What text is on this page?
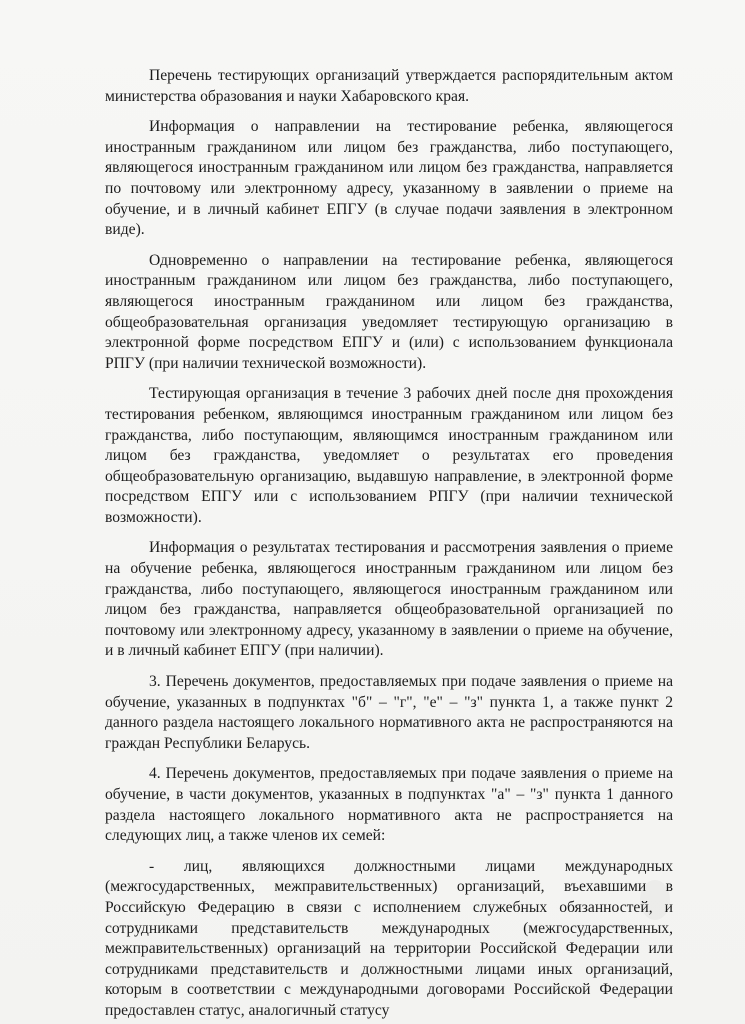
Перечень тестирующих организаций утверждается распорядительным актом министерства образования и науки Хабаровского края.

Информация о направлении на тестирование ребенка, являющегося иностранным гражданином или лицом без гражданства, либо поступающего, являющегося иностранным гражданином или лицом без гражданства, направляется по почтовому или электронному адресу, указанному в заявлении о приеме на обучение, и в личный кабинет ЕПГУ (в случае подачи заявления в электронном виде).

Одновременно о направлении на тестирование ребенка, являющегося иностранным гражданином или лицом без гражданства, либо поступающего, являющегося иностранным гражданином или лицом без гражданства, общеобразовательная организация уведомляет тестирующую организацию в электронной форме посредством ЕПГУ и (или) с использованием функционала РПГУ (при наличии технической возможности).

Тестирующая организация в течение 3 рабочих дней после дня прохождения тестирования ребенком, являющимся иностранным гражданином или лицом без гражданства, либо поступающим, являющимся иностранным гражданином или лицом без гражданства, уведомляет о результатах его проведения общеобразовательную организацию, выдавшую направление, в электронной форме посредством ЕПГУ или с использованием РПГУ (при наличии технической возможности).

Информация о результатах тестирования и рассмотрения заявления о приеме на обучение ребенка, являющегося иностранным гражданином или лицом без гражданства, либо поступающего, являющегося иностранным гражданином или лицом без гражданства, направляется общеобразовательной организацией по почтовому или электронному адресу, указанному в заявлении о приеме на обучение, и в личный кабинет ЕПГУ (при наличии).

3. Перечень документов, предоставляемых при подаче заявления о приеме на обучение, указанных в подпунктах "б" – "г", "е" – "з" пункта 1, а также пункт 2 данного раздела настоящего локального нормативного акта не распространяются на граждан Республики Беларусь.

4. Перечень документов, предоставляемых при подаче заявления о приеме на обучение, в части документов, указанных в подпунктах "а" – "з" пункта 1 данного раздела настоящего локального нормативного акта не распространяется на следующих лиц, а также членов их семей:

- лиц, являющихся должностными лицами международных (межгосударственных, межправительственных) организаций, въехавшими в Российскую Федерацию в связи с исполнением служебных обязанностей, и сотрудниками представительств международных (межгосударственных, межправительственных) организаций на территории Российской Федерации или сотрудниками представительств и должностными лицами иных организаций, которым в соответствии с международными договорами Российской Федерации предоставлен статус, аналогичный статусу
